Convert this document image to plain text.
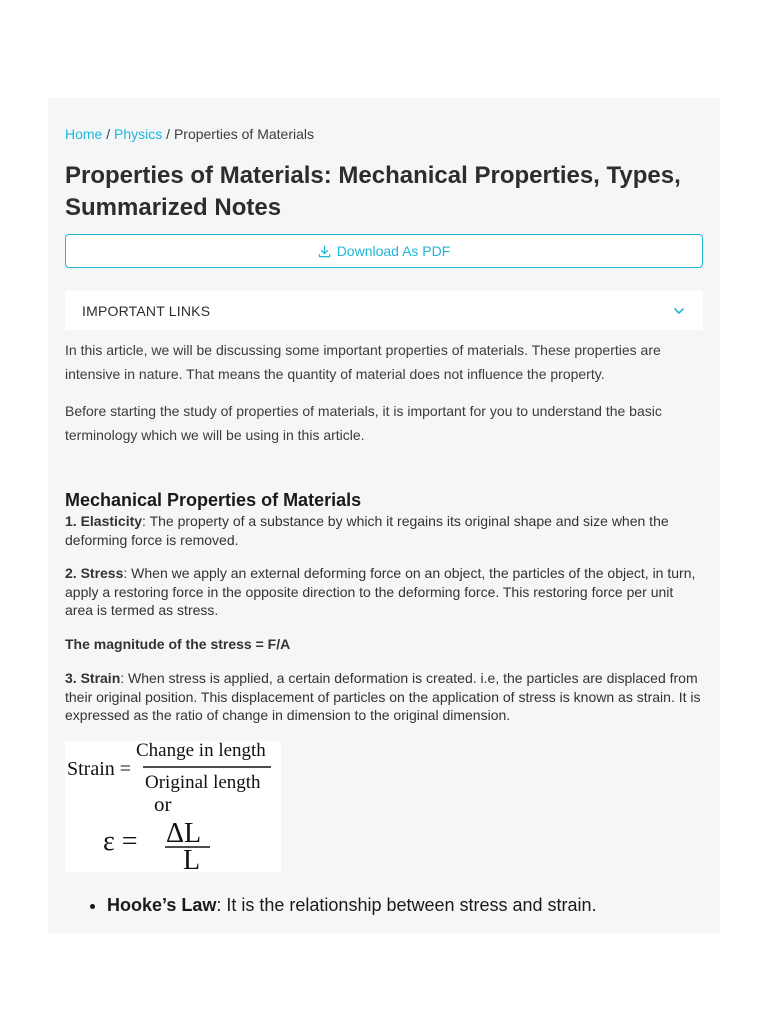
Home / Physics / Properties of Materials
Properties of Materials: Mechanical Properties, Types, Summarized Notes
Download As PDF
IMPORTANT LINKS

In this article, we will be discussing some important properties of materials. These properties are intensive in nature. That means the quantity of material does not influence the property.

Before starting the study of properties of materials, it is important for you to understand the basic terminology which we will be using in this article.

Mechanical Properties of Materials

1. Elasticity: The property of a substance by which it regains its original shape and size when the deforming force is removed.

2. Stress: When we apply an external deforming force on an object, the particles of the object, in turn, apply a restoring force in the opposite direction to the deforming force. This restoring force per unit area is termed as stress.

The magnitude of the stress = F/A

3. Strain: When stress is applied, a certain deformation is created. i.e, the particles are displaced from their original position. This displacement of particles on the application of stress is known as strain. It is expressed as the ratio of change in dimension to the original dimension.

Strain =
Change in length
Original length
or
ε = ΔL
L
• Hooke’s Law: It is the relationship between stress and strain.
